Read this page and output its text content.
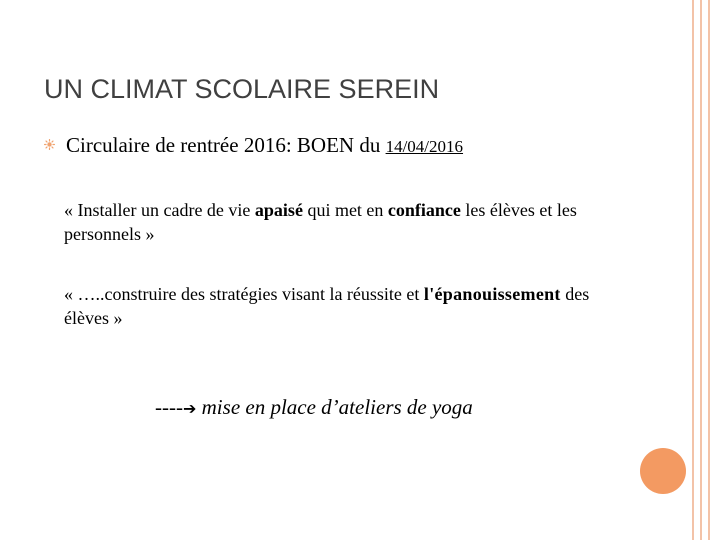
UN CLIMAT SCOLAIRE SEREIN
Circulaire de rentrée 2016: BOEN du 14/04/2016
« Installer un cadre de vie apaisé qui met en confiance les élèves et les personnels »
« …..construire des stratégies visant la réussite et l'épanouissement des élèves »
----➔ mise en place d’ateliers de yoga
